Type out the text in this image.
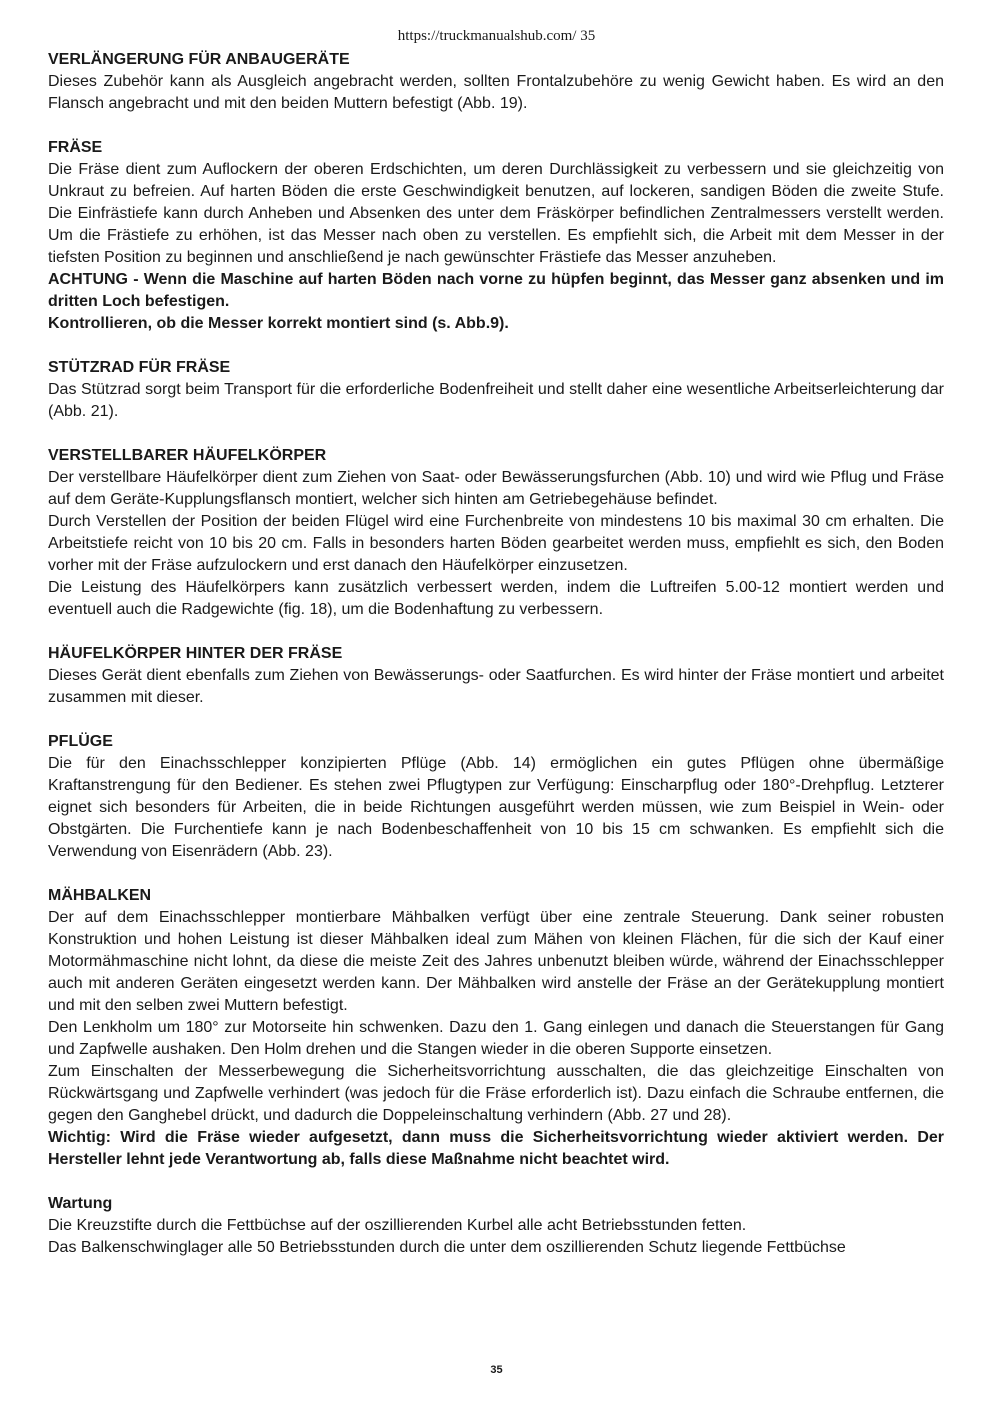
https://truckmanualshub.com/ 35
VERLÄNGERUNG FÜR ANBAUGERÄTE

Dieses Zubehör kann als Ausgleich angebracht werden, sollten Frontalzubehöre zu wenig Gewicht haben. Es wird an den Flansch angebracht und mit den beiden Muttern befestigt (Abb. 19).

FRÄSE

Die Fräse dient zum Auflockern der oberen Erdschichten, um deren Durchlässigkeit zu verbessern und sie gleichzeitig von Unkraut zu befreien. Auf harten Böden die erste Geschwindigkeit benutzen, auf lockeren, sandigen Böden die zweite Stufe. Die Einfrästiefe kann durch Anheben und Absenken des unter dem Fräskörper befindlichen Zentralmessers verstellt werden. Um die Frästiefe zu erhöhen, ist das Messer nach oben zu verstellen. Es empfiehlt sich, die Arbeit mit dem Messer in der tiefsten Position zu beginnen und anschließend je nach gewünschter Frästiefe das Messer anzuheben.

ACHTUNG - Wenn die Maschine auf harten Böden nach vorne zu hüpfen beginnt, das Messer ganz absenken und im dritten Loch befestigen.

Kontrollieren, ob die Messer korrekt montiert sind (s. Abb.9).

STÜTZRAD FÜR FRÄSE

Das Stützrad sorgt beim Transport für die erforderliche Bodenfreiheit und stellt daher eine wesentliche Arbeitserleichterung dar (Abb. 21).

VERSTELLBARER HÄUFELKÖRPER

Der verstellbare Häufelkörper dient zum Ziehen von Saat- oder Bewässerungsfurchen (Abb. 10) und wird wie Pflug und Fräse auf dem Geräte-Kupplungsflansch montiert, welcher sich hinten am Getriebegehäuse befindet.

Durch Verstellen der Position der beiden Flügel wird eine Furchenbreite von mindestens 10 bis maximal 30 cm erhalten. Die Arbeitstiefe reicht von 10 bis 20 cm. Falls in besonders harten Böden gearbeitet werden muss, empfiehlt es sich, den Boden vorher mit der Fräse aufzulockern und erst danach den Häufelkörper einzusetzen.

Die Leistung des Häufelkörpers kann zusätzlich verbessert werden, indem die Luftreifen 5.00-12 montiert werden und eventuell auch die Radgewichte (fig. 18), um die Bodenhaftung zu verbessern.

HÄUFELKÖRPER HINTER DER FRÄSE

Dieses Gerät dient ebenfalls zum Ziehen von Bewässerungs- oder Saatfurchen. Es wird hinter der Fräse montiert und arbeitet zusammen mit dieser.

PFLÜGE

Die für den Einachsschlepper konzipierten Pflüge (Abb. 14) ermöglichen ein gutes Pflügen ohne übermäßige Kraftanstrengung für den Bediener. Es stehen zwei Pflugtypen zur Verfügung: Einscharpflug oder 180°-Drehpflug. Letzterer eignet sich besonders für Arbeiten, die in beide Richtungen ausgeführt werden müssen, wie zum Beispiel in Wein- oder Obstgärten. Die Furchentiefe kann je nach Bodenbeschaffenheit von 10 bis 15 cm schwanken. Es empfiehlt sich die Verwendung von Eisenrädern (Abb. 23).

MÄHBALKEN

Der auf dem Einachsschlepper montierbare Mähbalken verfügt über eine zentrale Steuerung. Dank seiner robusten Konstruktion und hohen Leistung ist dieser Mähbalken ideal zum Mähen von kleinen Flächen, für die sich der Kauf einer Motormähmaschine nicht lohnt, da diese die meiste Zeit des Jahres unbenutzt bleiben würde, während der Einachsschlepper auch mit anderen Geräten eingesetzt werden kann. Der Mähbalken wird anstelle der Fräse an der Gerätekupplung montiert und mit den selben zwei Muttern befestigt.

Den Lenkholm um 180° zur Motorseite hin schwenken. Dazu den 1. Gang einlegen und danach die Steuerstangen für Gang und Zapfwelle aushaken. Den Holm drehen und die Stangen wieder in die oberen Supporte einsetzen.

Zum Einschalten der Messerbewegung die Sicherheitsvorrichtung ausschalten, die das gleichzeitige Einschalten von Rückwärtsgang und Zapfwelle verhindert (was jedoch für die Fräse erforderlich ist). Dazu einfach die Schraube entfernen, die gegen den Ganghebel drückt, und dadurch die Doppeleinschaltung verhindern (Abb. 27 und 28).

Wichtig: Wird die Fräse wieder aufgesetzt, dann muss die Sicherheitsvorrichtung wieder aktiviert werden. Der Hersteller lehnt jede Verantwortung ab, falls diese Maßnahme nicht beachtet wird.

Wartung

Die Kreuzstifte durch die Fettbüchse auf der oszillierenden Kurbel alle acht Betriebsstunden fetten.

Das Balkenschwinglager alle 50 Betriebsstunden durch die unter dem oszillierenden Schutz liegende Fettbüchse

35
